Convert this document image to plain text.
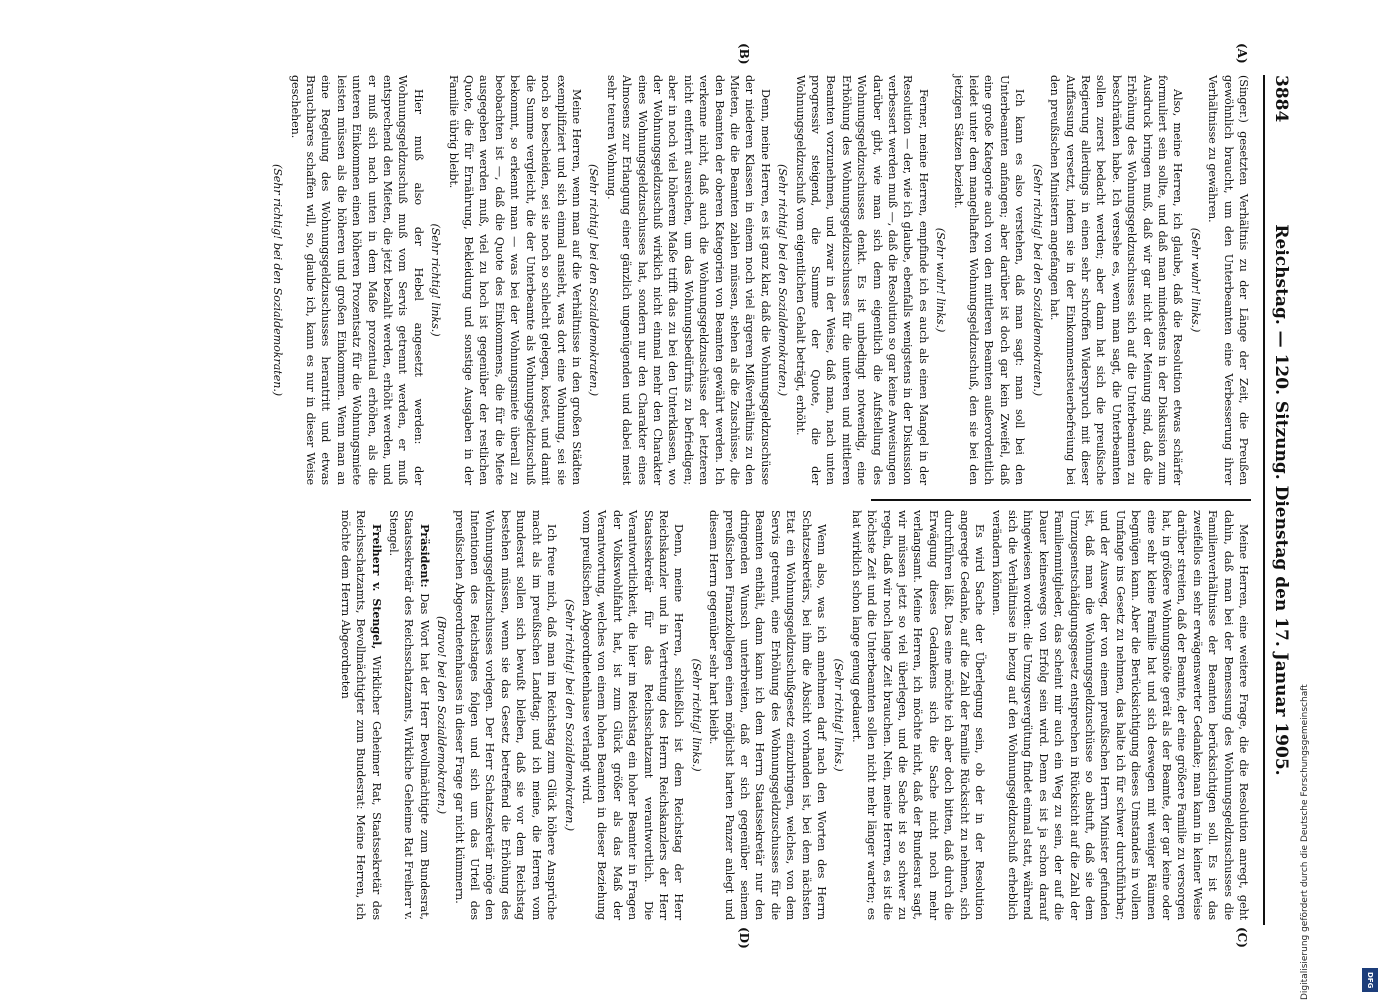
3884
Reichstag. — 120. Sitzung. Dienstag den 17. Januar 1905.
(A)
(B)
(C)
(D)

(Singer.) gesetzten Verhältnis zu der Länge der Zeit, die Preußen gewöhnlich braucht, um den Unterbeamten eine Verbesserung ihrer Verhältnisse zu gewähren.

(Sehr wahr! links.)

Also, meine Herren, ich glaube, daß die Resolution etwas schärfer formuliert sein sollte, und daß man mindestens in der Diskussion zum Ausdruck bringen muß, daß wir gar nicht der Meinung sind, daß die Erhöhung des Wohnungsgeldzuschusses sich auf die Unterbeamten zu beschränken habe. Ich versehe es, wenn man sagt, die Unterbeamten sollen zuerst bedacht werden; aber dann hat sich die preußische Regierung allerdings in einen sehr schroffen Widerspruch mit dieser Auffassung versetzt, indem sie in der Einkommensteuerbefreiung bei den preußischen Ministern angefangen hat.

(Sehr richtig! bei den Sozialdemokraten.)

Ich kann es also verstehen, daß man sagt: man soll bei den Unterbeamten anfangen; aber darüber ist doch gar kein Zweifel, daß eine große Kategorie auch von den mittleren Beamten außerordentlich leidet unter dem mangelhaften Wohnungsgeldzuschuß, den sie bei den jetzigen Sätzen bezieht.

(Sehr wahr! links.)

Ferner, meine Herren, empfinde ich es auch als einen Mangel in der Resolution — der, wie ich glaube, ebenfalls wenigstens in der Diskussion verbessert werden muß —, daß die Resolution so gar keine Anweisungen darüber gibt, wie man sich denn eigentlich die Aufstellung des Wohnungsgeldzuschusses denkt. Es ist unbedingt notwendig, eine Erhöhung des Wohnungsgeldzuschusses für die unteren und mittleren Beamten vorzunehmen, und zwar in der Weise, daß man, nach unten progressiv steigend, die Summe der Quote, die der Wohnungsgeldzuschuß vom eigentlichen Gehalt beträgt, erhöht.

(Sehr richtig! bei den Sozialdemokraten.)

Denn, meine Herren, es ist ganz klar, daß die Wohnungsgeldzuschüsse der niederen Klassen in einem noch viel ärgeren Mißverhältnis zu den Mieten, die die Beamten zahlen müssen, stehen als die Zuschüsse, die den Beamten der oberen Kategorien von Beamten gewährt werden. Ich verkenne nicht, daß auch die Wohnungsgeldzuschüsse der letzteren nicht entfernt ausreichen, um das Wohnungsbedürfnis zu befriedigen; aber in noch viel höherem Maße trifft das zu bei den Unterklassen, wo der Wohnungsgeldzuschuß wirklich nicht einmal mehr den Charakter eines Wohnungsgeldzuschusses hat, sondern nur den Charakter eines Almosens zur Erlangung einer gänzlich ungenügenden und dabei meist sehr teuren Wohnung.

(Sehr richtig! bei den Sozialdemokraten.)

Meine Herren, wenn man auf die Verhältnisse in den großen Städten exemplifiziert und sich einmal ansieht, was dort eine Wohnung, sei sie noch so bescheiden, sei sie noch so schlecht gelegen, kostet, und damit die Summe vergleicht, die der Unterbeamte als Wohnungsgeldzuschuß bekommt, so erkennt man — was bei der Wohnungsmiete überall zu beobachten ist —, daß die Quote des Einkommens, die für die Miete ausgegeben werden muß, viel zu hoch ist gegenüber der restlichen Quote, die für Ernährung, Bekleidung und sonstige Ausgaben in der Familie übrig bleibt.

(Sehr richtig! links.)

Hier muß also der Hebel angesetzt werden: der Wohnungsgeldzuschuß muß vom Servis getrennt werden, er muß entsprechend den Mieten, die jetzt bezahlt werden, erhöht werden, und er muß sich nach unten in dem Maße prozentual erhöhen, als die unteren Einkommen einen höheren Prozentsatz für die Wohnungsmiete leisten müssen als die höheren und großen Einkommen. Wenn man an eine Regelung des Wohnungsgeldzuschusses herantritt und etwas Brauchbares schaffen will, so, glaube ich, kann es nur in dieser Weise geschehen.

(Sehr richtig! bei den Sozialdemokraten.)

Meine Herren, eine weitere Frage, die die Resolution anregt, geht dahin, daß man bei der Bemessung des Wohnungsgeldzuschusses die Familienverhältnisse der Beamten berücksichtigen soll. Es ist das zweifellos ein sehr erwägenswerter Gedanke; man kann in keiner Weise darüber streiten, daß der Beamte, der eine größere Familie zu versorgen hat, in größere Wohnungsnöte gerät als der Beamte, der gar keine oder eine sehr kleine Familie hat und sich deswegen mit weniger Räumen begnügen kann. Aber die Berücksichtigung dieses Umstandes in vollem Umfange ins Gesetz zu nehmen, das halte ich für schwer durchführbar; und der Ausweg, der von einem preußischen Herrn Minister gefunden ist, daß man die Wohnungsgeldzuschüsse so abstuft, daß sie dem Umzugsentschädigungsgesetz entsprechen in Rücksicht auf die Zahl der Familienmitglieder, das scheint mir auch ein Weg zu sein, der auf die Dauer keineswegs von Erfolg sein wird. Denn es ist ja schon darauf hingewiesen worden: die Umzugsvergütung findet einmal statt, während sich die Verhältnisse in bezug auf den Wohnungsgeldzuschuß erheblich verändern können.

Es wird Sache der Überlegung sein, ob der in der Resolution angeregte Gedanke, auf die Zahl der Familie Rücksicht zu nehmen, sich durchführen läßt. Das eine möchte ich aber doch bitten, daß durch die Erwägung dieses Gedankens sich die Sache nicht noch mehr verlangsamt. Meine Herren, ich möchte nicht, daß der Bundesrat sagt, wir müssen jetzt so viel überlegen, und die Sache ist so schwer zu regeln, daß wir noch lange Zeit brauchen. Nein, meine Herren, es ist die höchste Zeit und die Unterbeamten sollen nicht mehr länger warten; es hat wirklich schon lange genug gedauert.

(Sehr richtig! links.)

Wenn also, was ich annehmen darf nach den Worten des Herrn Schatzsekretärs, bei ihm die Absicht vorhanden ist, bei dem nächsten Etat ein Wohnungsgeldzuschußgesetz einzubringen, welches, von dem Servis getrennt, eine Erhöhung des Wohnungsgeldzuschusses für die Beamten enthält, dann kann ich dem Herrn Staatssekretär nur den dringenden Wunsch unterbreiten, daß er sich gegenüber seinem preußischen Finanzkollegen einen möglichst harten Panzer anlegt und diesem Herrn gegenüber sehr hart bleibt.

(Sehr richtig! links.)

Denn, meine Herren, schließlich ist dem Reichstag der Herr Reichskanzler und in Vertretung des Herrn Reichskanzlers der Herr Staatssekretär für das Reichsschatzamt verantwortlich. Die Verantwortlichkeit, die hier im Reichstag ein hoher Beamter in Fragen der Volkswohlfahrt hat, ist zum Glück größer als das Maß der Verantwortung, welches von einem hohen Beamten in dieser Beziehung vom preußischen Abgeordnetenhause verlangt wird.

(Sehr richtig! bei den Sozialdemokraten.)

Ich freue mich, daß man im Reichstag zum Glück höhere Ansprüche macht als im preußischen Landtag; und ich meine, die Herren vom Bundesrat sollen sich bewußt bleiben, daß sie vor dem Reichstag bestehen müssen, wenn sie das Gesetz betreffend die Erhöhung des Wohnungsgeldzuschusses vorlegen. Der Herr Schatzsekretär möge den Intentionen des Reichstages folgen und sich um das Urteil des preußischen Abgeordnetenhauses in dieser Frage gar nicht kümmern.

(Bravo! bei den Sozialdemokraten.)

Präsident: Das Wort hat der Herr Bevollmächtigte zum Bundesrat, Staatssekretär des Reichsschatzamts, Wirkliche Geheime Rat Freiherr v. Stengel.

Freiherr v. Stengel, Wirklicher Geheimer Rat, Staatssekretär des Reichsschatzamts, Bevollmächtigter zum Bundesrat: Meine Herren, ich möchte dem Herrn Abgeordneten

Digitalisierung gefördert durch die Deutsche Forschungsgemeinschaft	DFG
